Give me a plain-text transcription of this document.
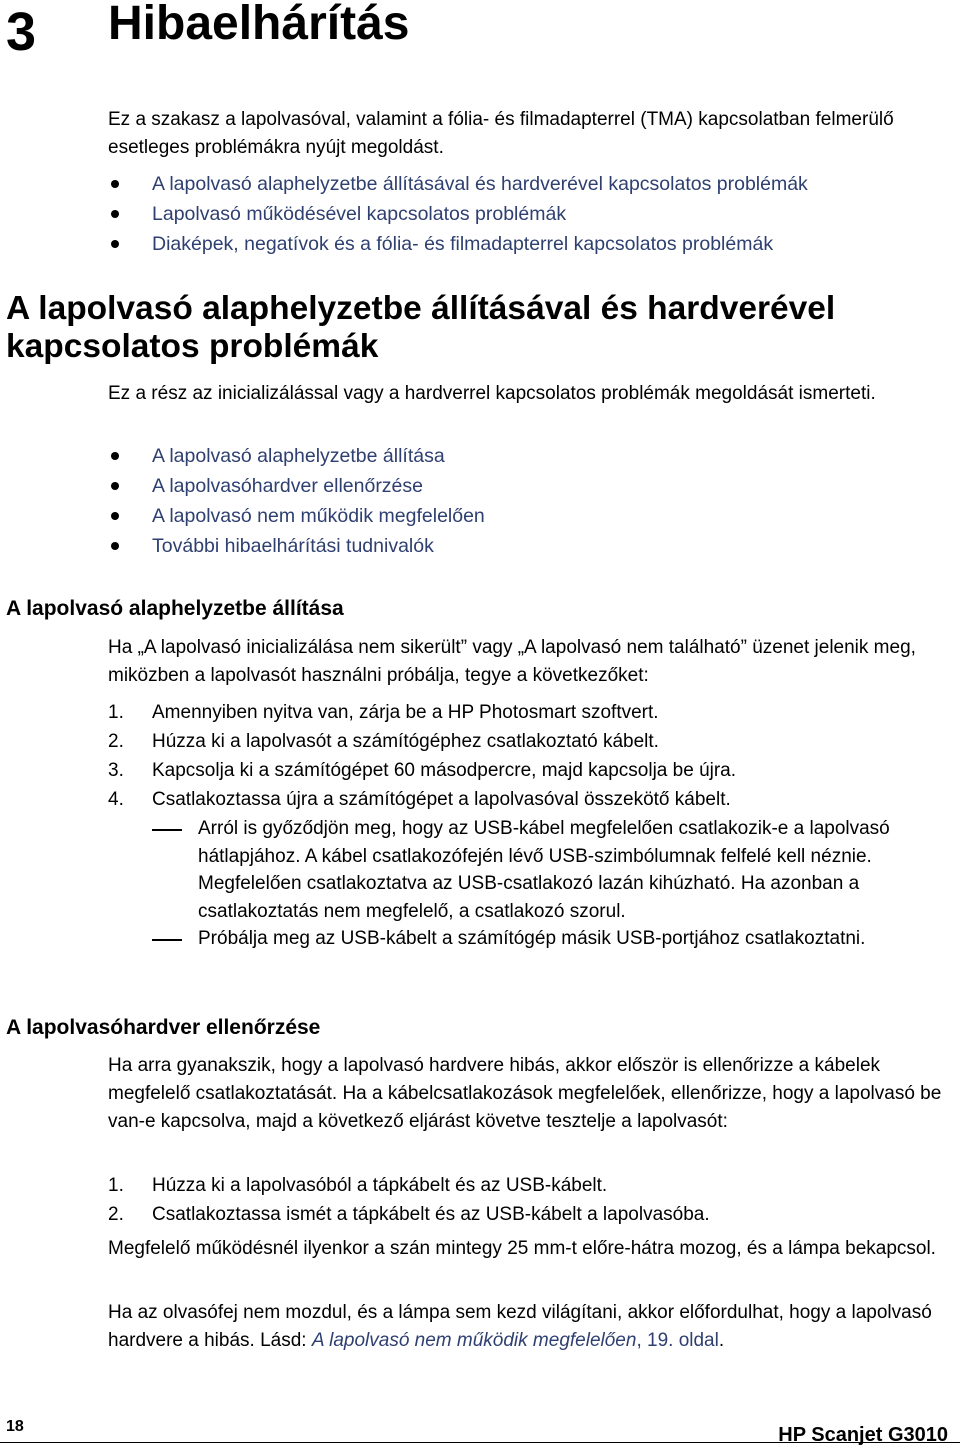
3 Hibaelhárítás

Ez a szakasz a lapolvasóval, valamint a fólia- és filmadapterrel (TMA) kapcsolatban felmerülő esetleges problémákra nyújt megoldást.

A lapolvasó alaphelyzetbe állításával és hardverével kapcsolatos problémák
Lapolvasó működésével kapcsolatos problémák
Diaképek, negatívok és a fólia- és filmadapterrel kapcsolatos problémák
A lapolvasó alaphelyzetbe állításával és hardverével kapcsolatos problémák

Ez a rész az inicializálással vagy a hardverrel kapcsolatos problémák megoldását ismerteti.

A lapolvasó alaphelyzetbe állítása
A lapolvasóhardver ellenőrzése
A lapolvasó nem működik megfelelően
További hibaelhárítási tudnivalók
A lapolvasó alaphelyzetbe állítása

Ha „A lapolvasó inicializálása nem sikerült” vagy „A lapolvasó nem található” üzenet jelenik meg, miközben a lapolvasót használni próbálja, tegye a következőket:

1. Amennyiben nyitva van, zárja be a HP Photosmart szoftvert.
2. Húzza ki a lapolvasót a számítógéphez csatlakoztató kábelt.
3. Kapcsolja ki a számítógépet 60 másodpercre, majd kapcsolja be újra.
4. Csatlakoztassa újra a számítógépet a lapolvasóval összekötő kábelt.
Arról is győződjön meg, hogy az USB-kábel megfelelően csatlakozik-e a lapolvasó hátlapjához. A kábel csatlakozófején lévő USB-szimbólumnak felfelé kell néznie. Megfelelően csatlakoztatva az USB-csatlakozó lazán kihúzható. Ha azonban a csatlakoztatás nem megfelelő, a csatlakozó szorul.
Próbálja meg az USB-kábelt a számítógép másik USB-portjához csatlakoztatni.
A lapolvasóhardver ellenőrzése

Ha arra gyanakszik, hogy a lapolvasó hardvere hibás, akkor először is ellenőrizze a kábelek megfelelő csatlakoztatását. Ha a kábelcsatlakozások megfelelőek, ellenőrizze, hogy a lapolvasó be van-e kapcsolva, majd a következő eljárást követve tesztelje a lapolvasót:

1. Húzza ki a lapolvasóból a tápkábelt és az USB-kábelt.
2. Csatlakoztassa ismét a tápkábelt és az USB-kábelt a lapolvasóba.

Megfelelő működésnél ilyenkor a szán mintegy 25 mm-t előre-hátra mozog, és a lámpa bekapcsol.

Ha az olvasófej nem mozdul, és a lámpa sem kezd világítani, akkor előfordulhat, hogy a lapolvasó hardvere a hibás. Lásd: A lapolvasó nem működik megfelelően, 19. oldal.

18	HP Scanjet G3010
